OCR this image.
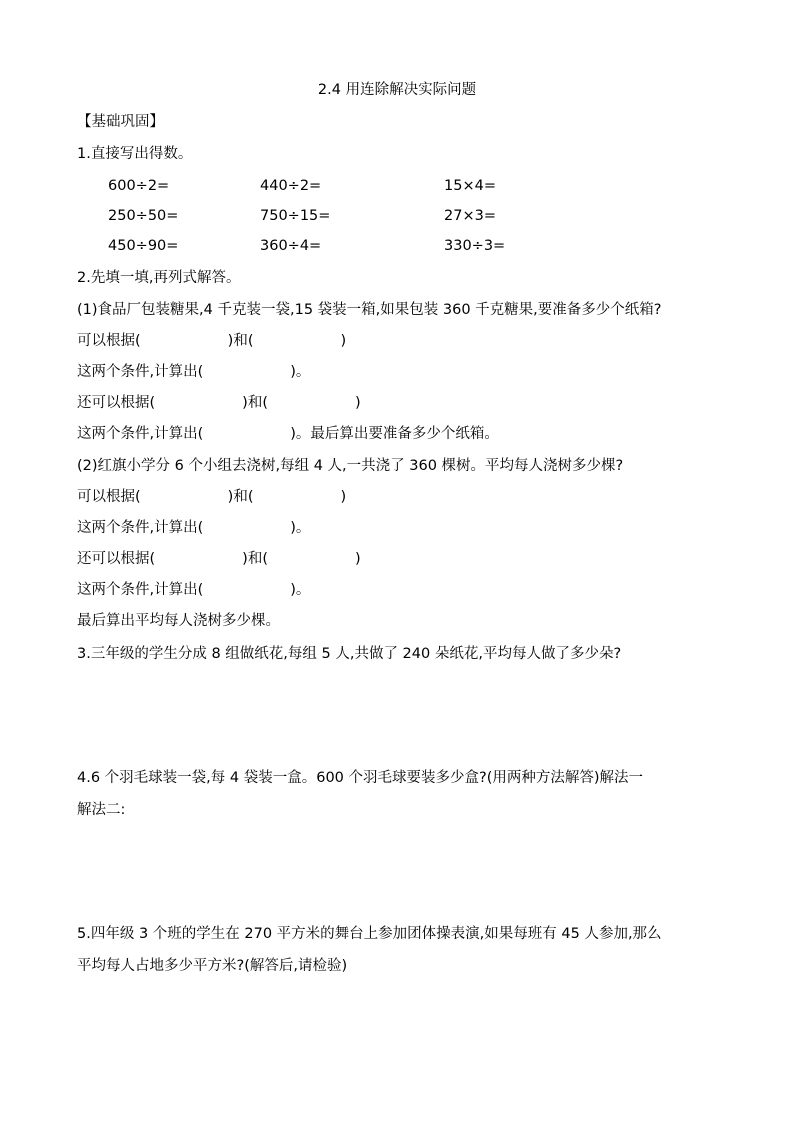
2.4 用连除解决实际问题
【基础巩固】
1.直接写出得数。
600÷2=	440÷2=	15×4=
250÷50=	750÷15=	27×3=
450÷90=	360÷4=	330÷3=
2.先填一填,再列式解答。
(1)食品厂包装糖果,4 千克装一袋,15 袋装一箱,如果包装 360 千克糖果,要准备多少个纸箱?
可以根据(　　　　　　)和(　　　　　　)
这两个条件,计算出(　　　　　　)。
还可以根据(　　　　　　)和(　　　　　　)
这两个条件,计算出(　　　　　　)。最后算出要准备多少个纸箱。
(2)红旗小学分 6 个小组去浇树,每组 4 人,一共浇了 360 棵树。平均每人浇树多少棵?
可以根据(　　　　　　)和(　　　　　　)
这两个条件,计算出(　　　　　　)。
还可以根据(　　　　　　)和(　　　　　　)
这两个条件,计算出(　　　　　　)。
最后算出平均每人浇树多少棵。
3.三年级的学生分成 8 组做纸花,每组 5 人,共做了 240 朵纸花,平均每人做了多少朵?
4.6 个羽毛球装一袋,每 4 袋装一盒。600 个羽毛球要装多少盒?(用两种方法解答)解法一
解法二:
5.四年级 3 个班的学生在 270 平方米的舞台上参加团体操表演,如果每班有 45 人参加,那么
平均每人占地多少平方米?(解答后,请检验)
